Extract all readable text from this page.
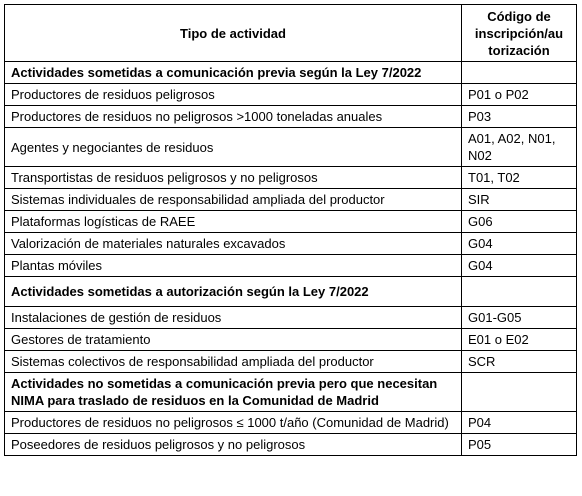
Tipo de actividad	Código de inscripción/au torización
Actividades sometidas a comunicación previa según la Ley 7/2022	
Productores de residuos peligrosos	P01 o P02
Productores de residuos no peligrosos >1000 toneladas anuales	P03
Agentes y negociantes de residuos	A01, A02, N01, N02
Transportistas de residuos peligrosos y no peligrosos	T01, T02
Sistemas individuales de responsabilidad ampliada del productor	SIR
Plataformas logísticas de RAEE	G06
Valorización de materiales naturales excavados	G04
Plantas móviles	G04
Actividades sometidas a autorización según la Ley 7/2022	
Instalaciones de gestión de residuos	G01-G05
Gestores de tratamiento	E01 o E02
Sistemas colectivos de responsabilidad ampliada del productor	SCR
Actividades no sometidas a comunicación previa pero que necesitan NIMA para traslado de residuos en la Comunidad de Madrid	
Productores de residuos no peligrosos ≤ 1000 t/año (Comunidad de Madrid)	P04
Poseedores de residuos peligrosos y no peligrosos	P05
